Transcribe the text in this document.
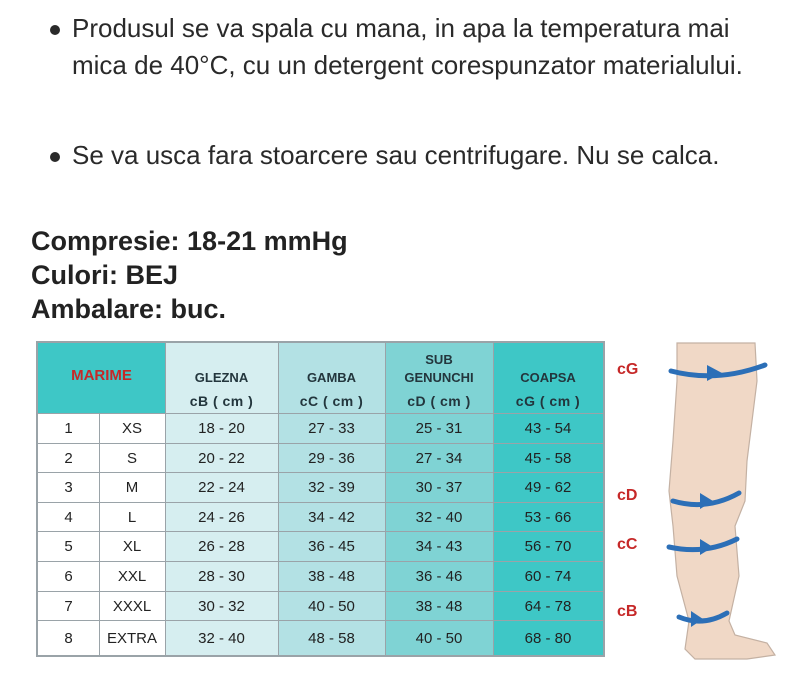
Produsul se va spala cu mana, in apa la temperatura mai mica de 40°C, cu un detergent corespunzator materialului.
Se va usca fara stoarcere sau centrifugare. Nu se calca.
Compresie: 18-21 mmHg
Culori: BEJ
Ambalare: buc.
MARIME
1
2
3
4
5
6
7
8
XS
S
M
L
XL
XXL
XXXL
EXTRA
GLEZNA
cB ( cm )
18 - 20
20 - 22
22 - 24
24 - 26
26 - 28
28 - 30
30 - 32
32 - 40
GAMBA
cC ( cm )
27 - 33
29 - 36
32 - 39
34 - 42
36 - 45
38 - 48
40 - 50
48 - 58
SUB GENUNCHI
cD ( cm )
25 - 31
27 - 34
30 - 37
32 - 40
34 - 43
36 - 46
38 - 48
40 - 50
COAPSA
cG ( cm )
43 - 54
45 - 58
49 - 62
53 - 66
56 - 70
60 - 74
64 - 78
68 - 80
cG
cD
cC
cB
